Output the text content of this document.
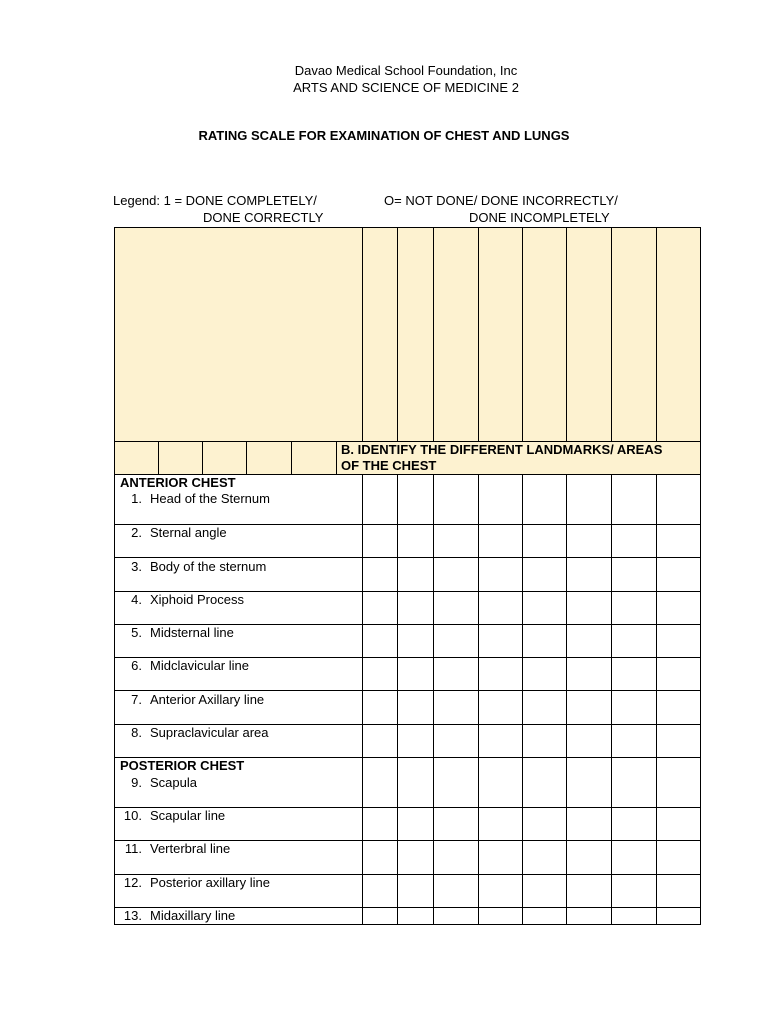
Davao Medical School Foundation, Inc
ARTS AND SCIENCE OF MEDICINE 2
RATING SCALE FOR EXAMINATION OF CHEST AND LUNGS
Legend: 1 = DONE COMPLETELY/
DONE CORRECTLY
O= NOT DONE/ DONE INCORRECTLY/
DONE INCOMPLETELY
B. IDENTIFY THE DIFFERENT LANDMARKS/ AREAS
OF THE CHEST
ANTERIOR CHEST
1. Head of the Sternum
2. Sternal angle
3. Body of the sternum
4. Xiphoid Process
5. Midsternal line
6. Midclavicular line
7. Anterior Axillary line
8. Supraclavicular area
POSTERIOR CHEST
9. Scapula
10. Scapular line
11. Verterbral line
12. Posterior axillary line
13. Midaxillary line
